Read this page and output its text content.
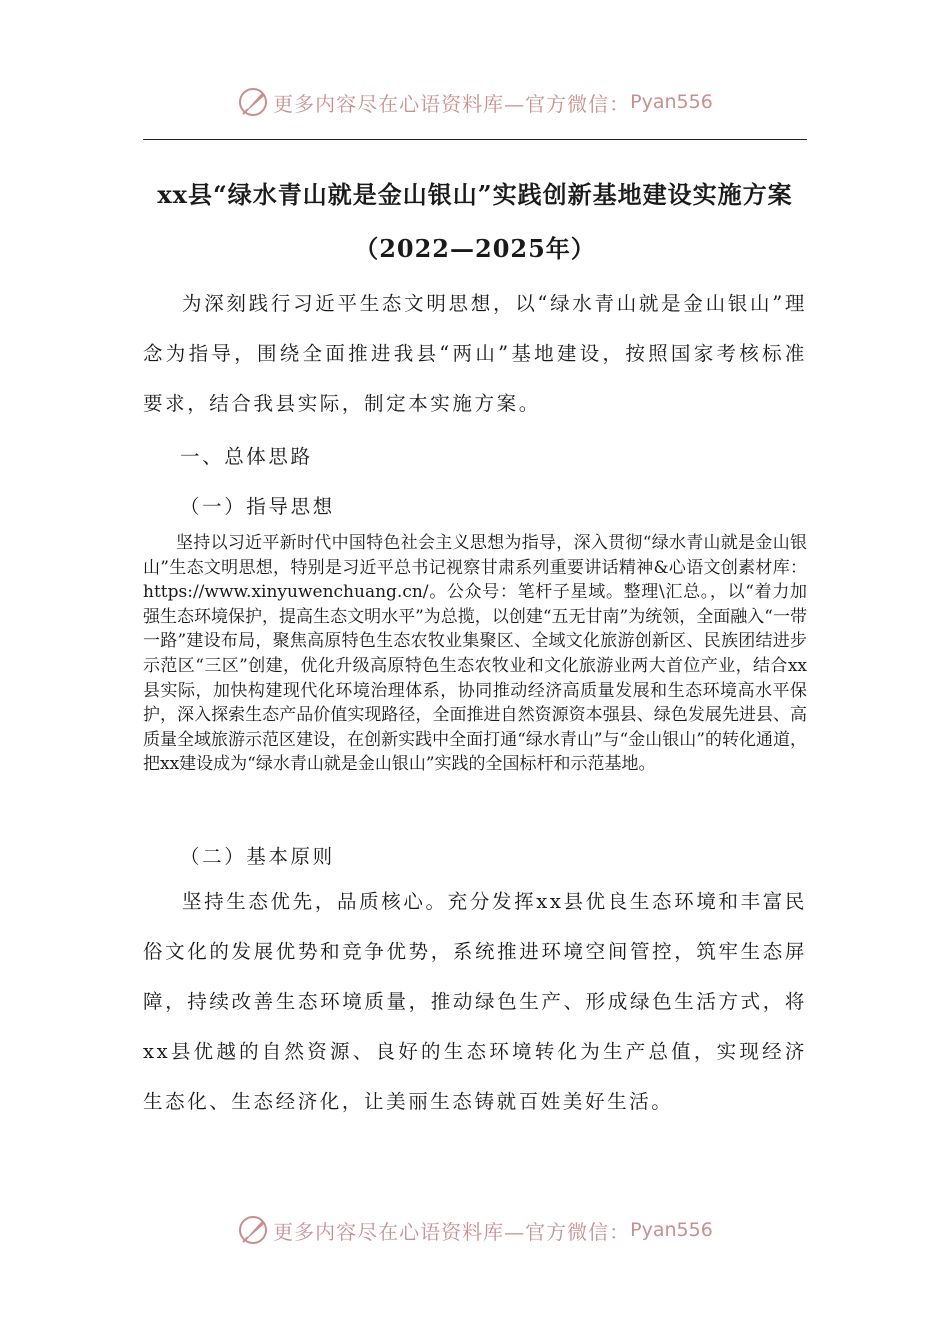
更多内容尽在心语资料库—官方微信： Pyan556
xx县“绿水青山就是金山银山”实践创新基地建设实施方案（2022—2025年）

为深刻践行习近平生态文明思想，以“绿水青山就是金山银山”理念为指导，围绕全面推进我县“两山”基地建设，按照国家考核标准要求，结合我县实际，制定本实施方案。

一、总体思路

（一）指导思想

坚持以习近平新时代中国特色社会主义思想为指导，深入贯彻“绿水青山就是金山银山”生态文明思想，特别是习近平总书记视察甘肃系列重要讲话精神&心语文创素材库：https://www.xinyuwenchuang.cn/。公众号：笔杆子星域。整理\汇总。，以“着力加强生态环境保护，提高生态文明水平”为总揽，以创建“五无甘南”为统领，全面融入“一带一路”建设布局，聚焦高原特色生态农牧业集聚区、全域文化旅游创新区、民族团结进步示范区“三区”创建，优化升级高原特色生态农牧业和文化旅游业两大首位产业，结合xx县实际，加快构建现代化环境治理体系，协同推动经济高质量发展和生态环境高水平保护，深入探索生态产品价值实现路径，全面推进自然资源资本强县、绿色发展先进县、高质量全域旅游示范区建设，在创新实践中全面打通“绿水青山”与“金山银山”的转化通道，把xx建设成为“绿水青山就是金山银山”实践的全国标杆和示范基地。

（二）基本原则

坚持生态优先，品质核心。充分发挥xx县优良生态环境和丰富民俗文化的发展优势和竞争优势，系统推进环境空间管控，筑牢生态屏障，持续改善生态环境质量，推动绿色生产、形成绿色生活方式，将xx县优越的自然资源、良好的生态环境转化为生产总值，实现经济生态化、生态经济化，让美丽生态铸就百姓美好生活。

更多内容尽在心语资料库—官方微信： Pyan556
